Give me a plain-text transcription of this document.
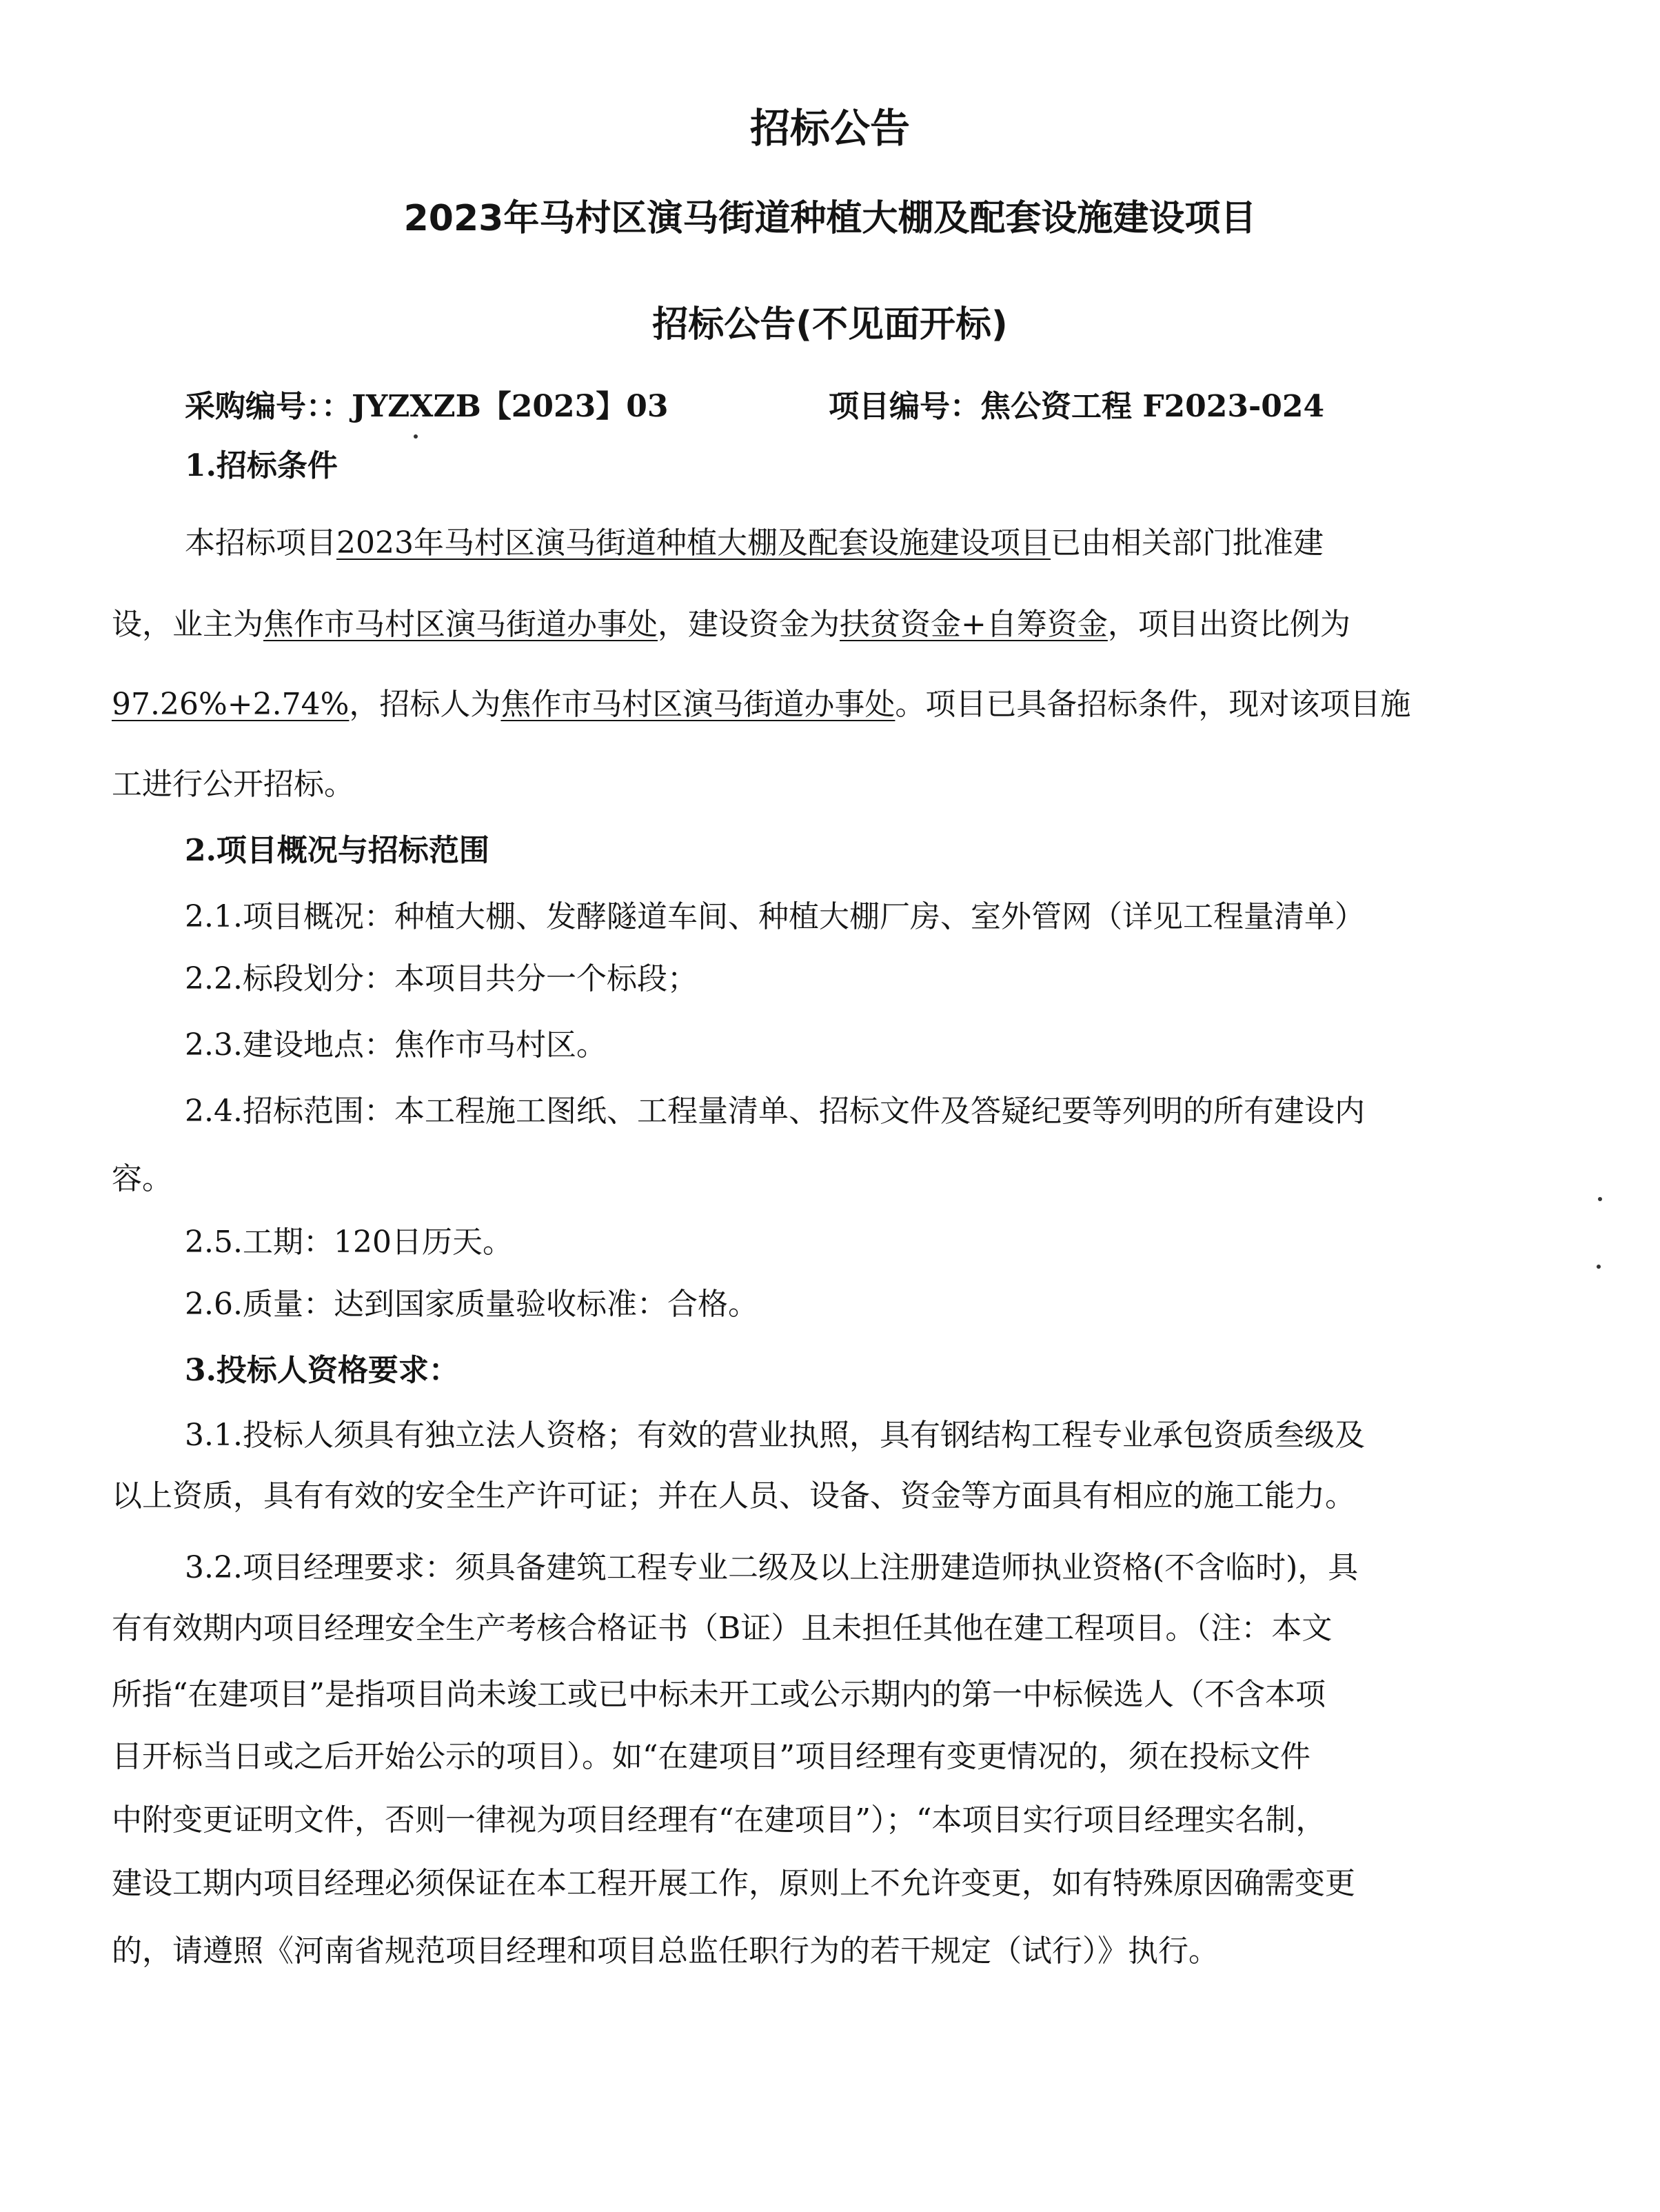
招标公告
2023年马村区演马街道种植大棚及配套设施建设项目
招标公告(不见面开标)

采购编号：：JYZXZB【2023】03	项目编号：焦公资工程 F2023-024

1.招标条件

本招标项目2023年马村区演马街道种植大棚及配套设施建设项目已由相关部门批准建

设，业主为焦作市马村区演马街道办事处，建设资金为扶贫资金+自筹资金，项目出资比例为

97.26%+2.74%，招标人为焦作市马村区演马街道办事处。项目已具备招标条件，现对该项目施

工进行公开招标。

2.项目概况与招标范围

2.1.项目概况：种植大棚、发酵隧道车间、种植大棚厂房、室外管网（详见工程量清单）

2.2.标段划分：本项目共分一个标段；

2.3.建设地点：焦作市马村区。

2.4.招标范围：本工程施工图纸、工程量清单、招标文件及答疑纪要等列明的所有建设内

容。

2.5.工期：120日历天。

2.6.质量：达到国家质量验收标准：合格。

3.投标人资格要求：

3.1.投标人须具有独立法人资格；有效的营业执照，具有钢结构工程专业承包资质叁级及

以上资质，具有有效的安全生产许可证；并在人员、设备、资金等方面具有相应的施工能力。

3.2.项目经理要求：须具备建筑工程专业二级及以上注册建造师执业资格(不含临时)，具

有有效期内项目经理安全生产考核合格证书（B证）且未担任其他在建工程项目。（注：本文

所指“在建项目”是指项目尚未竣工或已中标未开工或公示期内的第一中标候选人（不含本项

目开标当日或之后开始公示的项目）。如“在建项目”项目经理有变更情况的，须在投标文件

中附变更证明文件，否则一律视为项目经理有“在建项目”）；“本项目实行项目经理实名制，

建设工期内项目经理必须保证在本工程开展工作，原则上不允许变更，如有特殊原因确需变更

的，请遵照《河南省规范项目经理和项目总监任职行为的若干规定（试行）》执行。
